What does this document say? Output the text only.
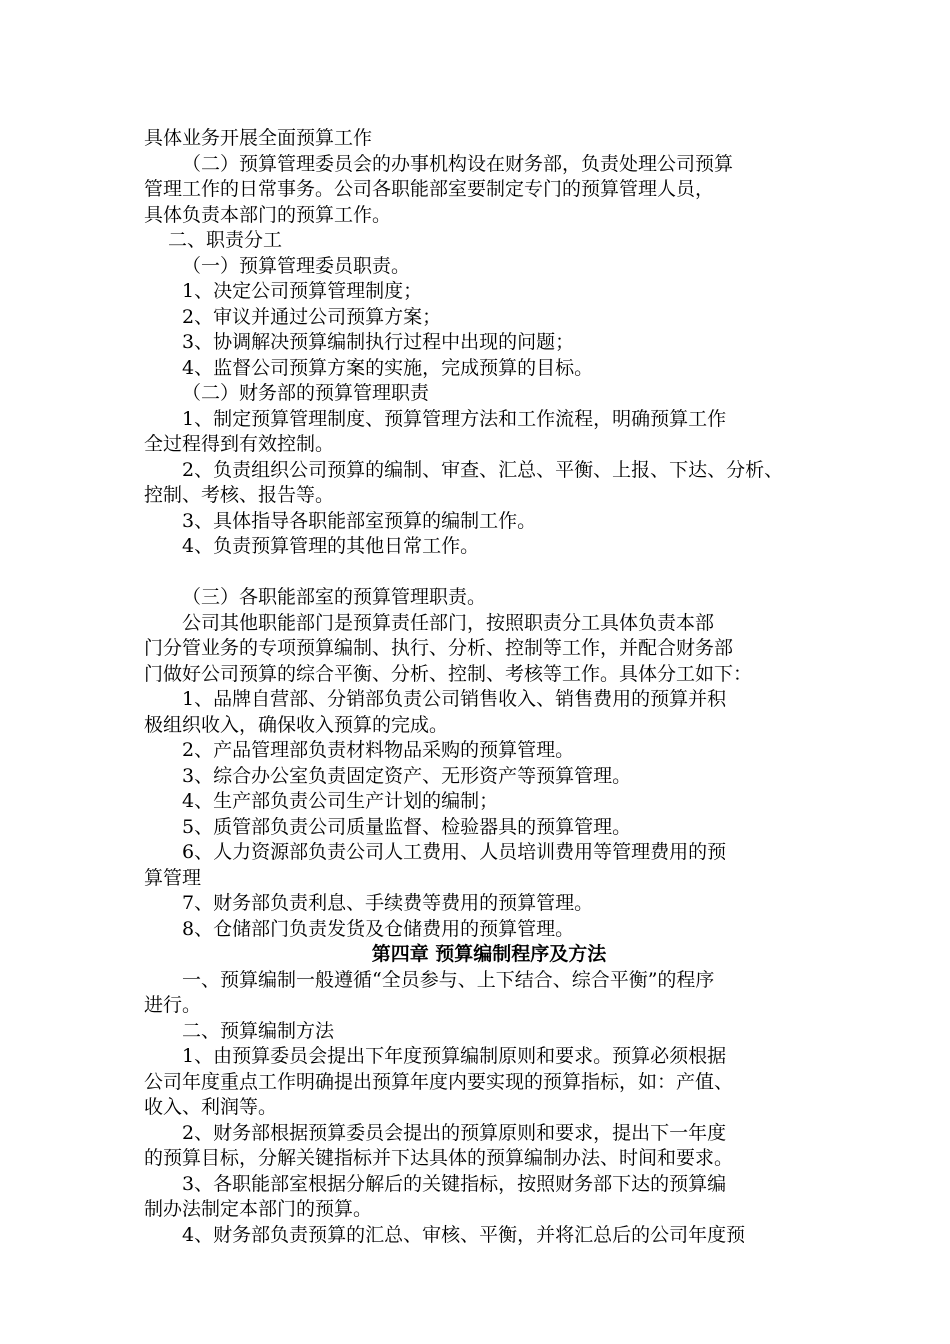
具体业务开展全面预算工作
（二）预算管理委员会的办事机构设在财务部，负责处理公司预算
管理工作的日常事务。公司各职能部室要制定专门的预算管理人员，
具体负责本部门的预算工作。
二、职责分工
（一）预算管理委员职责。
1、决定公司预算管理制度；
2、审议并通过公司预算方案；
3、协调解决预算编制执行过程中出现的问题；
4、监督公司预算方案的实施，完成预算的目标。
（二）财务部的预算管理职责
1、制定预算管理制度、预算管理方法和工作流程，明确预算工作
全过程得到有效控制。
2、负责组织公司预算的编制、审查、汇总、平衡、上报、下达、分析、
控制、考核、报告等。
3、具体指导各职能部室预算的编制工作。
4、负责预算管理的其他日常工作。
（三）各职能部室的预算管理职责。
公司其他职能部门是预算责任部门，按照职责分工具体负责本部
门分管业务的专项预算编制、执行、分析、控制等工作，并配合财务部
门做好公司预算的综合平衡、分析、控制、考核等工作。具体分工如下：
1、品牌自营部、分销部负责公司销售收入、销售费用的预算并积
极组织收入，确保收入预算的完成。
2、产品管理部负责材料物品采购的预算管理。
3、综合办公室负责固定资产、无形资产等预算管理。
4、生产部负责公司生产计划的编制；
5、质管部负责公司质量监督、检验器具的预算管理。
6、人力资源部负责公司人工费用、人员培训费用等管理费用的预
算管理
7、财务部负责利息、手续费等费用的预算管理。
8、仓储部门负责发货及仓储费用的预算管理。
第四章 预算编制程序及方法
一、预算编制一般遵循“全员参与、上下结合、综合平衡”的程序
进行。
二、预算编制方法
1、由预算委员会提出下年度预算编制原则和要求。预算必须根据
公司年度重点工作明确提出预算年度内要实现的预算指标，如：产值、
收入、利润等。
2、财务部根据预算委员会提出的预算原则和要求，提出下一年度
的预算目标，分解关键指标并下达具体的预算编制办法、时间和要求。
3、各职能部室根据分解后的关键指标，按照财务部下达的预算编
制办法制定本部门的预算。
4、财务部负责预算的汇总、审核、平衡，并将汇总后的公司年度预
